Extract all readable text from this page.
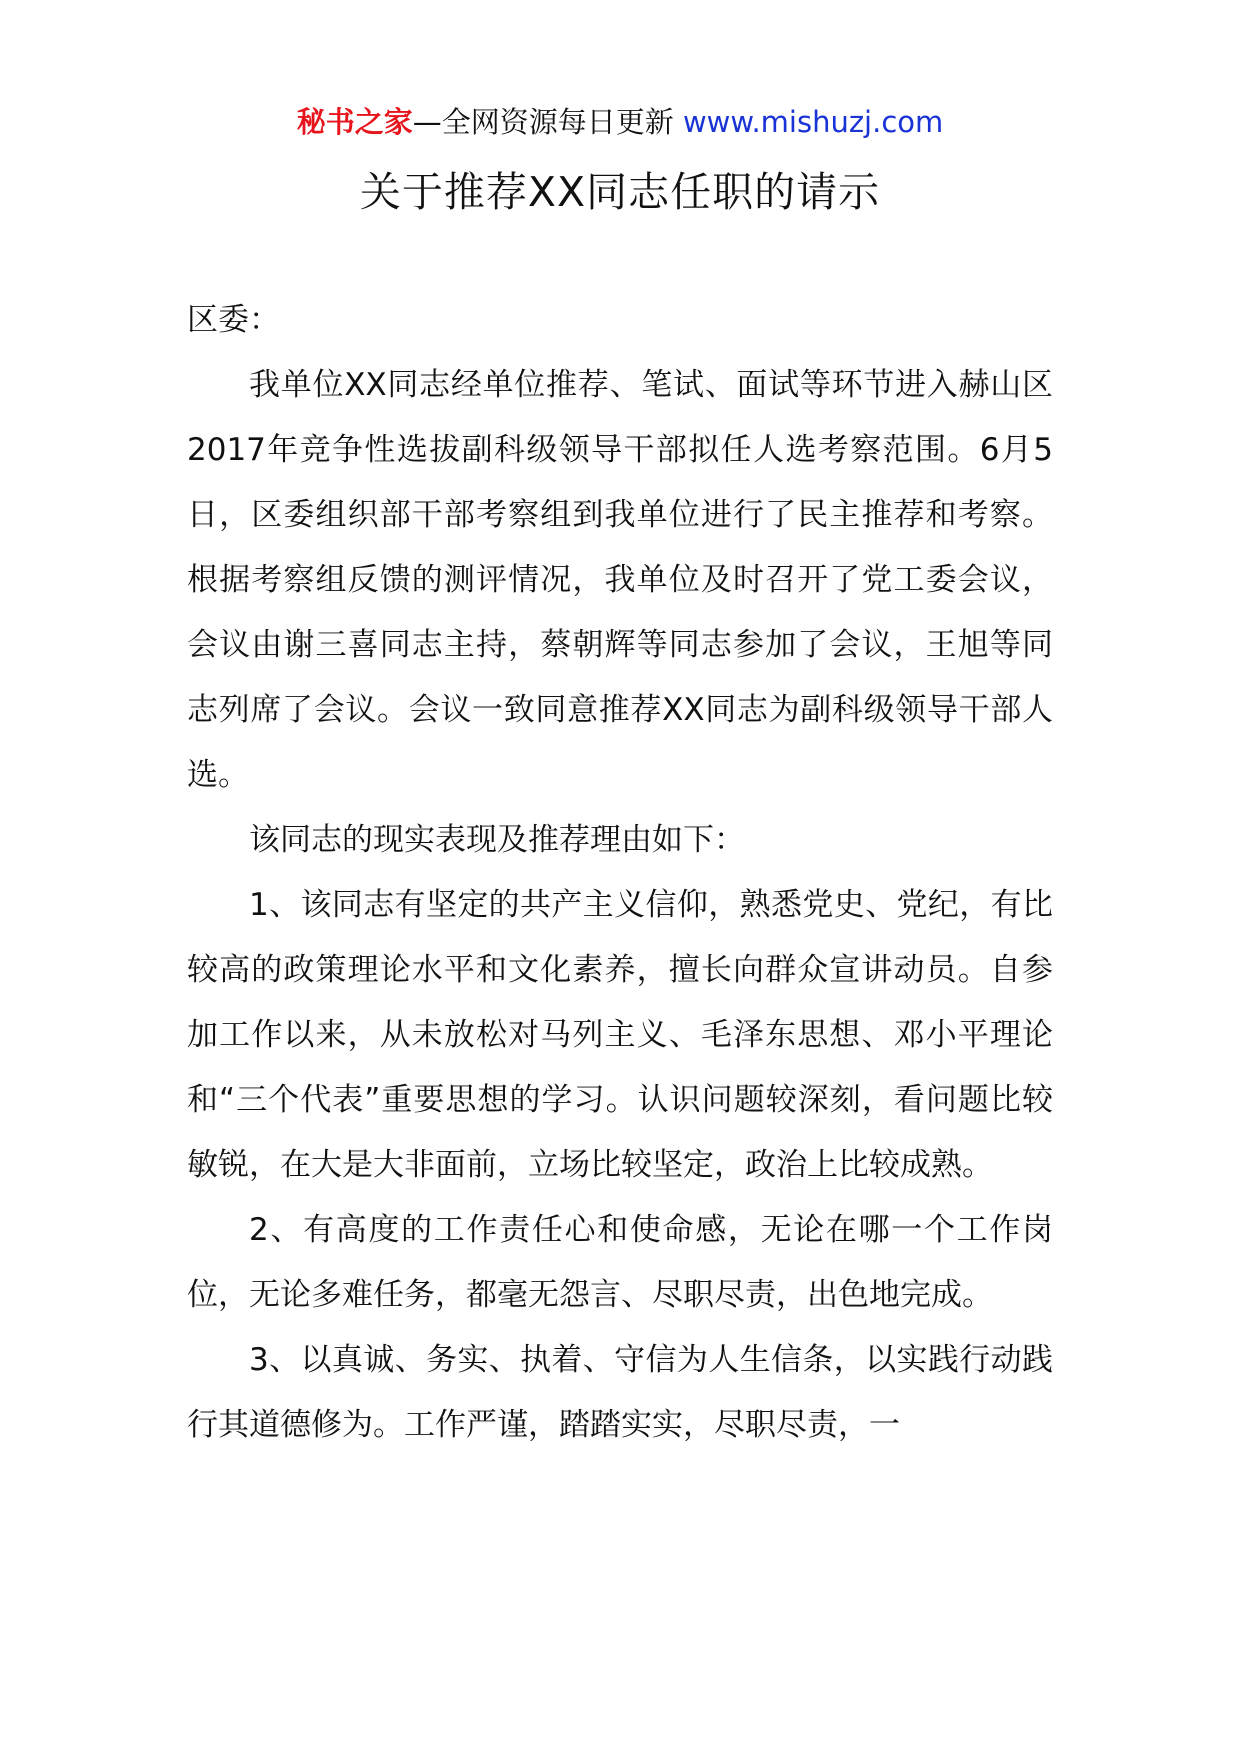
秘书之家—全网资源每日更新 www.mishuzj.com
关于推荐XX同志任职的请示

区委：

我单位XX同志经单位推荐、笔试、面试等环节进入赫山区2017年竞争性选拔副科级领导干部拟任人选考察范围。6月5日，区委组织部干部考察组到我单位进行了民主推荐和考察。根据考察组反馈的测评情况，我单位及时召开了党工委会议，会议由谢三喜同志主持，蔡朝辉等同志参加了会议，王旭等同志列席了会议。会议一致同意推荐XX同志为副科级领导干部人选。

该同志的现实表现及推荐理由如下：

1、该同志有坚定的共产主义信仰，熟悉党史、党纪，有比较高的政策理论水平和文化素养，擅长向群众宣讲动员。自参加工作以来，从未放松对马列主义、毛泽东思想、邓小平理论和“三个代表”重要思想的学习。认识问题较深刻，看问题比较敏锐，在大是大非面前，立场比较坚定，政治上比较成熟。

2、有高度的工作责任心和使命感，无论在哪一个工作岗位，无论多难任务，都毫无怨言、尽职尽责，出色地完成。

3、以真诚、务实、执着、守信为人生信条，以实践行动践行其道德修为。工作严谨，踏踏实实，尽职尽责，一
